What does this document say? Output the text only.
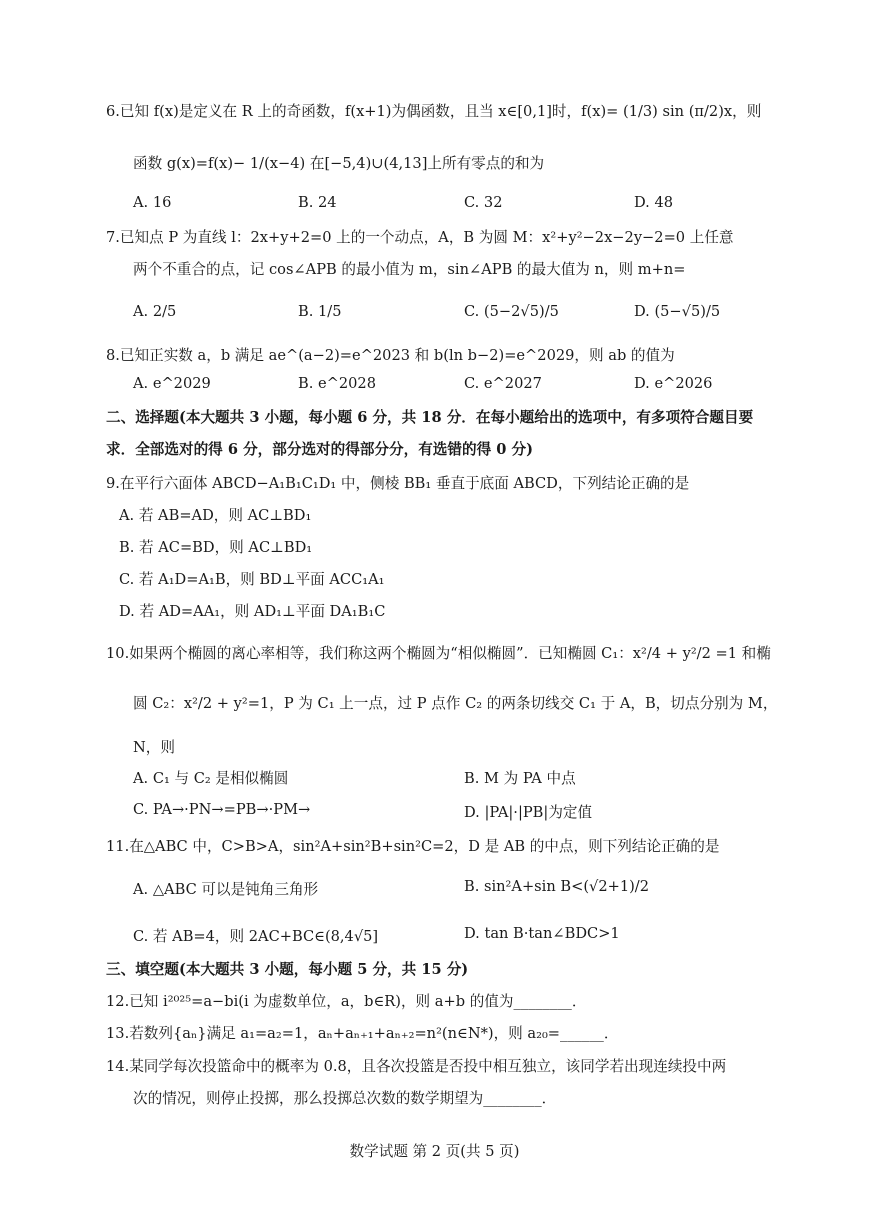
6.已知 f(x)是定义在 R 上的奇函数，f(x+1)为偶函数，且当 x∈[0,1]时，f(x)= (1/3) sin (π/2)x，则
函数 g(x)=f(x)− 1/(x−4) 在[−5,4)∪(4,13]上所有零点的和为
A. 16	B. 24	C. 32	D. 48
7.已知点 P 为直线 l：2x+y+2=0 上的一个动点，A，B 为圆 M：x²+y²−2x−2y−2=0 上任意
两个不重合的点，记 cos∠APB 的最小值为 m，sin∠APB 的最大值为 n，则 m+n=
A. 2/5	B. 1/5	C. (5−2√5)/5	D. (5−√5)/5
8.已知正实数 a，b 满足 ae^(a−2)=e^2023 和 b(ln b−2)=e^2029，则 ab 的值为
A. e^2029	B. e^2028	C. e^2027	D. e^2026
二、选择题(本大题共 3 小题，每小题 6 分，共 18 分．在每小题给出的选项中，有多项符合题目要
求．全部选对的得 6 分，部分选对的得部分分，有选错的得 0 分)
9.在平行六面体 ABCD−A₁B₁C₁D₁ 中，侧棱 BB₁ 垂直于底面 ABCD，下列结论正确的是
A. 若 AB=AD，则 AC⊥BD₁
B. 若 AC=BD，则 AC⊥BD₁
C. 若 A₁D=A₁B，则 BD⊥平面 ACC₁A₁
D. 若 AD=AA₁，则 AD₁⊥平面 DA₁B₁C
10.如果两个椭圆的离心率相等，我们称这两个椭圆为“相似椭圆”．已知椭圆 C₁：x²/4 + y²/2 =1 和椭
圆 C₂：x²/2 + y²=1，P 为 C₁ 上一点，过 P 点作 C₂ 的两条切线交 C₁ 于 A，B，切点分别为 M，
N，则
A. C₁ 与 C₂ 是相似椭圆	B. M 为 PA 中点
C. PA→·PN→=PB→·PM→	D. |PA|·|PB|为定值
11.在△ABC 中，C>B>A，sin²A+sin²B+sin²C=2，D 是 AB 的中点，则下列结论正确的是
A. △ABC 可以是钝角三角形	B. sin²A+sin B<(√2+1)/2
C. 若 AB=4，则 2AC+BC∈(8,4√5]	D. tan B·tan∠BDC>1
三、填空题(本大题共 3 小题，每小题 5 分，共 15 分)
12.已知 i²⁰²⁵=a−bi(i 为虚数单位，a，b∈R)，则 a+b 的值为________．
13.若数列{aₙ}满足 a₁=a₂=1，aₙ+aₙ₊₁+aₙ₊₂=n²(n∈N*)，则 a₂₀=______．
14.某同学每次投篮命中的概率为 0.8，且各次投篮是否投中相互独立，该同学若出现连续投中两
次的情况，则停止投掷，那么投掷总次数的数学期望为________．
数学试题 第 2 页(共 5 页)
